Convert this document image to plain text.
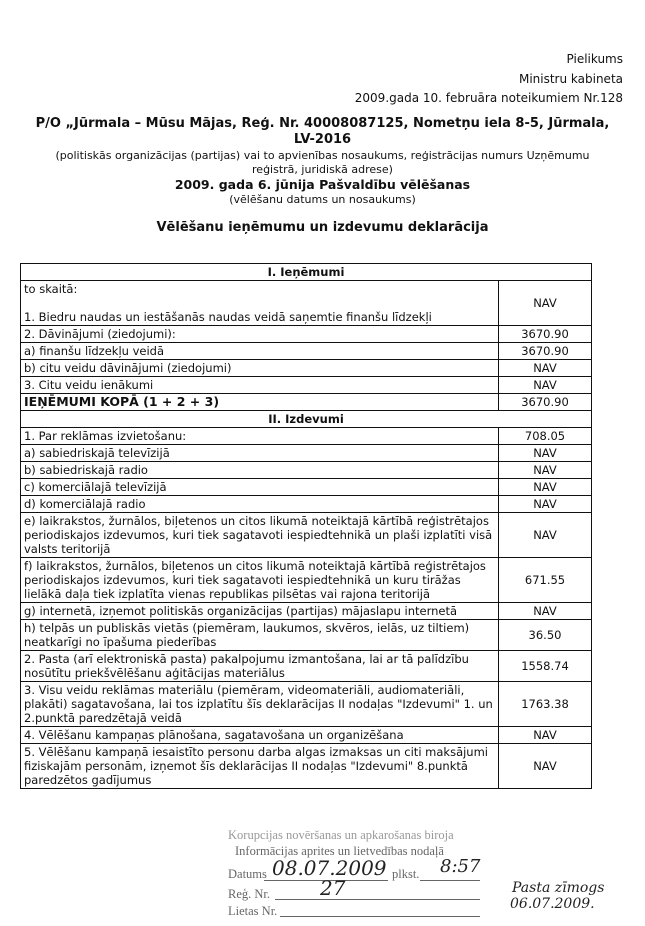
Pielikums
Ministru kabineta
2009.gada 10. februāra noteikumiem Nr.128
P/O „Jūrmala – Mūsu Mājas, Reģ. Nr. 40008087125, Nometņu iela 8-5, Jūrmala,
LV-2016
(politiskās organizācijas (partijas) vai to apvienības nosaukums, reģistrācijas numurs Uzņēmumu
reģistrā, juridiskā adrese)
2009. gada 6. jūnija Pašvaldību vēlēšanas
(vēlēšanu datums un nosaukums)
Vēlēšanu ieņēmumu un izdevumu deklarācija
I. Ieņēmumi	
to skaitā:

1. Biedru naudas un iestāšanās naudas veidā saņemtie finanšu līdzekļi	NAV
2. Dāvinājumi (ziedojumi):	3670.90
a) finanšu līdzekļu veidā	3670.90
b) citu veidu dāvinājumi (ziedojumi)	NAV
3. Citu veidu ienākumi	NAV
IEŅĒMUMI KOPĀ (1 + 2 + 3)	3670.90
II. Izdevumi	
1. Par reklāmas izvietošanu:	708.05
a) sabiedriskajā televīzijā	NAV
b) sabiedriskajā radio	NAV
c) komerciālajā televīzijā	NAV
d) komerciālajā radio	NAV
e) laikrakstos, žurnālos, biļetenos un citos likumā noteiktajā kārtībā reģistrētajos periodiskajos izdevumos, kuri tiek sagatavoti iespiedtehnikā un plaši izplatīti visā valsts teritorijā	NAV
f) laikrakstos, žurnālos, biļetenos un citos likumā noteiktajā kārtībā reģistrētajos periodiskajos izdevumos, kuri tiek sagatavoti iespiedtehnikā un kuru tirāžas lielākā daļa tiek izplatīta vienas republikas pilsētas vai rajona teritorijā	671.55
g) internetā, izņemot politiskās organizācijas (partijas) mājaslapu internetā	NAV
h) telpās un publiskās vietās (piemēram, laukumos, skvēros, ielās, uz tiltiem) neatkarīgi no īpašuma piederības	36.50
2. Pasta (arī elektroniskā pasta) pakalpojumu izmantošana, lai ar tā palīdzību nosūtītu priekšvēlēšanu aģitācijas materiālus	1558.74
3. Visu veidu reklāmas materiālu (piemēram, videomateriāli, audiomateriāli, plakāti) sagatavošana, lai tos izplatītu šīs deklarācijas II nodaļas "Izdevumi" 1. un 2.punktā paredzētajā veidā	1763.38
4. Vēlēšanu kampaņas plānošana, sagatavošana un organizēšana	NAV
5. Vēlēšanu kampaņā iesaistīto personu darba algas izmaksas un citi maksājumi fiziskajām personām, izņemot šīs deklarācijas II nodaļas "Izdevumi" 8.punktā paredzētos gadījumus	NAV
Korupcijas novēršanas un apkarošanas biroja
Informācijas aprites un lietvedības nodaļā
Datums 08.07.2009 plkst. 8:57
Reģ. Nr. 27
Lietas Nr.
Pasta zīmogs
06.07.2009.
